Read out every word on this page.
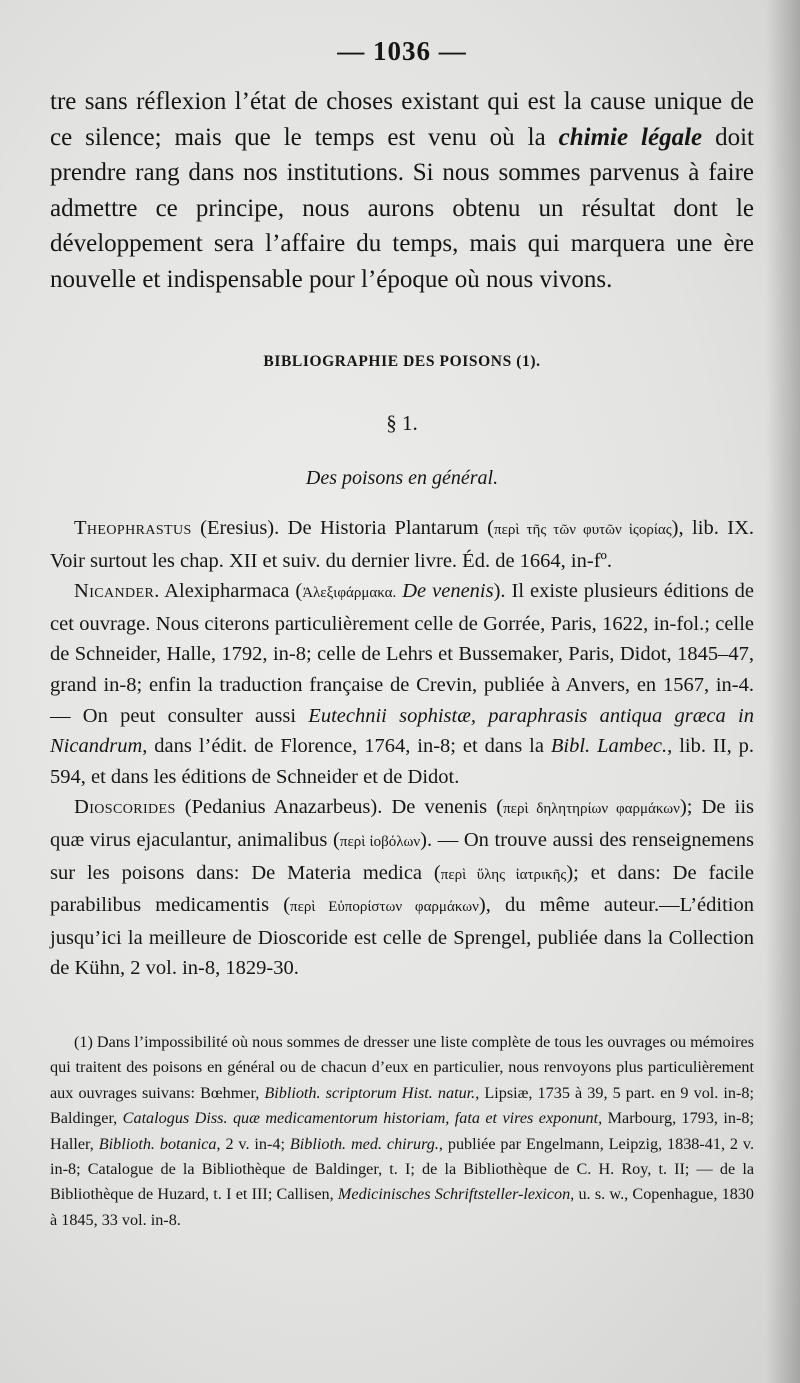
— 1036 —

tre sans réflexion l’état de choses existant qui est la cause unique de ce silence; mais que le temps est venu où la chimie légale doit prendre rang dans nos institutions. Si nous sommes parvenus à faire admettre ce principe, nous aurons obtenu un résultat dont le développement sera l’affaire du temps, mais qui marquera une ère nouvelle et indispensable pour l’époque où nous vivons.

BIBLIOGRAPHIE DES POISONS (1).
§ 1.
Des poisons en général.

Theophrastus (Eresius). De Historia Plantarum (περὶ τῆς τῶν φυτῶν ἱςορίας), lib. IX. Voir surtout les chap. XII et suiv. du dernier livre. Éd. de 1664, in-fº.

Nicander. Alexipharmaca (Ἀλεξιφάρμακα. De venenis). Il existe plusieurs éditions de cet ouvrage. Nous citerons particulièrement celle de Gorrée, Paris, 1622, in-fol.; celle de Schneider, Halle, 1792, in-8; celle de Lehrs et Bussemaker, Paris, Didot, 1845–47, grand in-8; enfin la traduction française de Crevin, publiée à Anvers, en 1567, in-4. — On peut consulter aussi Eutechnii sophistæ, paraphrasis antiqua græca in Nicandrum, dans l’édit. de Florence, 1764, in-8; et dans la Bibl. Lambec., lib. II, p. 594, et dans les éditions de Schneider et de Didot.

Dioscorides (Pedanius Anazarbeus). De venenis (περὶ δηλητηρίων φαρμάκων); De iis quæ virus ejaculantur, animalibus (περὶ ἰοβόλων). — On trouve aussi des renseignemens sur les poisons dans: De Materia medica (περὶ ὕλης ἰατρικῆς); et dans: De facile parabilibus medicamentis (περὶ Εὐπορίστων φαρμάκων), du même auteur.—L’édition jusqu’ici la meilleure de Dioscoride est celle de Sprengel, publiée dans la Collection de Kühn, 2 vol. in-8, 1829-30.

(1) Dans l’impossibilité où nous sommes de dresser une liste complète de tous les ouvrages ou mémoires qui traitent des poisons en général ou de chacun d’eux en particulier, nous renvoyons plus particulièrement aux ouvrages suivans: Bœhmer, Biblioth. scriptorum Hist. natur., Lipsiæ, 1735 à 39, 5 part. en 9 vol. in-8; Baldinger, Catalogus Diss. quæ medicamentorum historiam, fata et vires exponunt, Marbourg, 1793, in-8; Haller, Biblioth. botanica, 2 v. in-4; Biblioth. med. chirurg., publiée par Engelmann, Leipzig, 1838-41, 2 v. in-8; Catalogue de la Bibliothèque de Baldinger, t. I; de la Bibliothèque de C. H. Roy, t. II; — de la Bibliothèque de Huzard, t. I et III; Callisen, Medicinisches Schriftsteller-lexicon, u. s. w., Copenhague, 1830 à 1845, 33 vol. in-8.
